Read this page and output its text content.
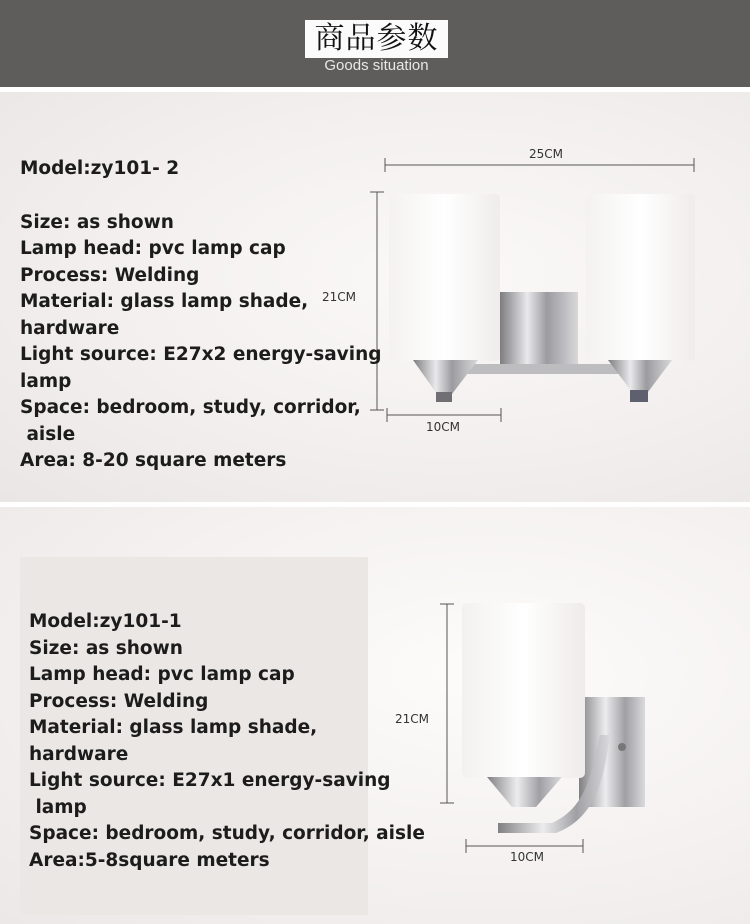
商品参数
Goods situation
25CM
21CM
10CM
Model:zy101- 2
Size: as shown
Lamp head: pvc lamp cap
Process: Welding
Material: glass lamp shade,
hardware
Light source: E27x2 energy-saving
lamp
Space: bedroom, study, corridor,
aisle
Area: 8-20 square meters
21CM
10CM
Model:zy101-1
Size: as shown
Lamp head: pvc lamp cap
Process: Welding
Material: glass lamp shade,
hardware
Light source: E27x1 energy-saving
lamp
Space: bedroom, study, corridor, aisle
Area:5-8square meters
